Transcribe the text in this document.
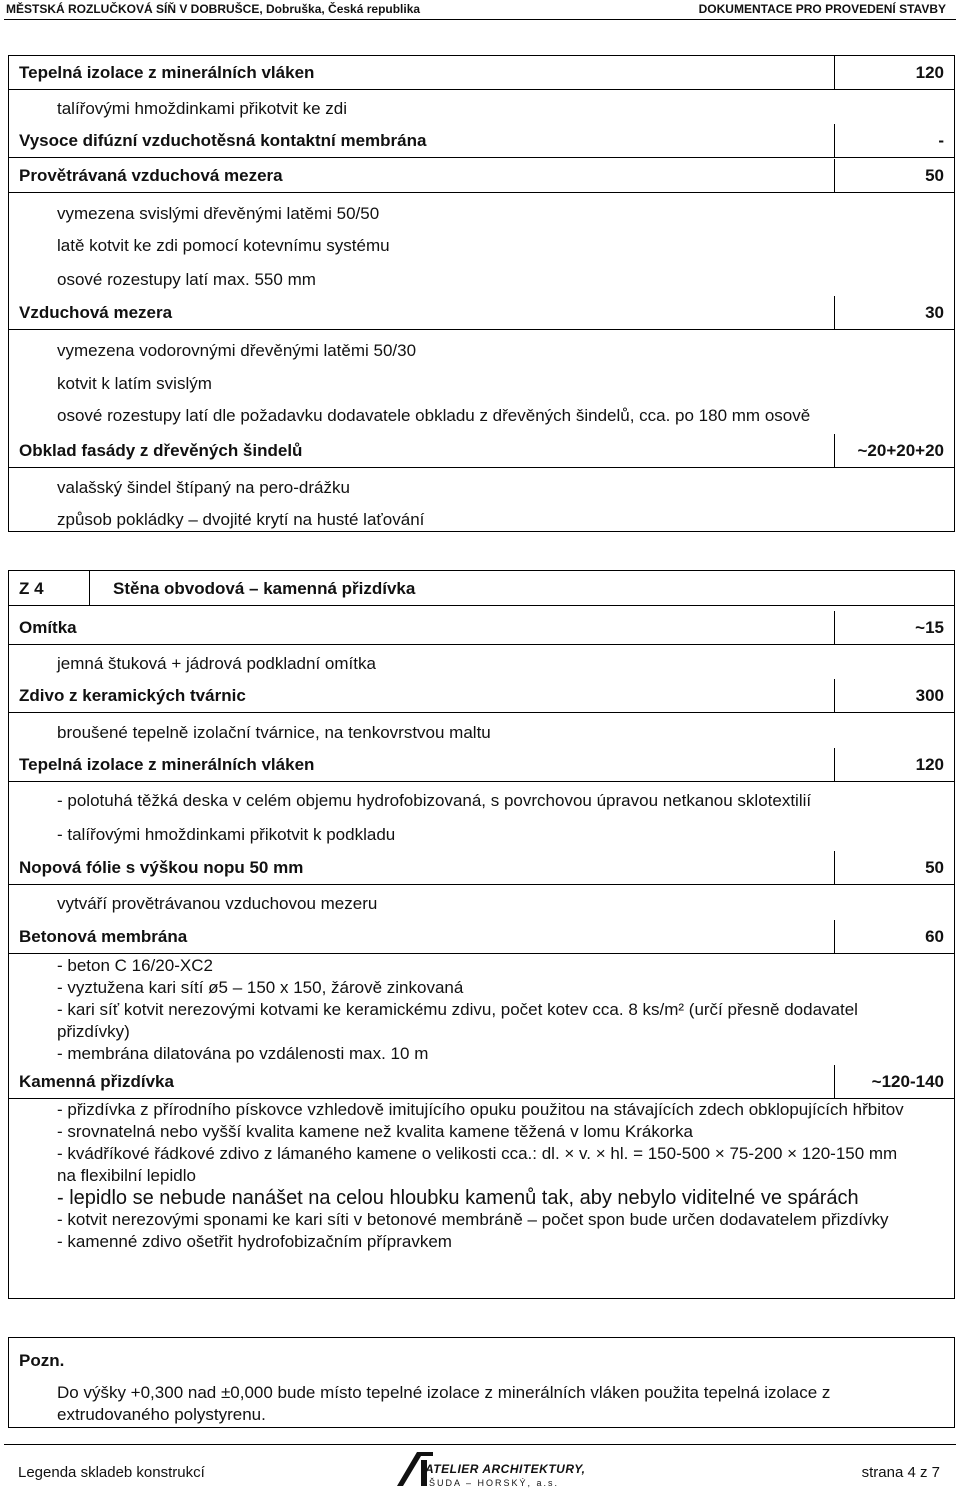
MĚSTSKÁ ROZLUČKOVÁ SÍŇ V DOBRUŠCE, Dobruška, Česká republika	DOKUMENTACE PRO PROVEDENÍ STAVBY
Tepelná izolace z minerálních vláken	120
talířovými hmoždinkami přikotvit ke zdi
Vysoce difúzní vzduchotěsná kontaktní membrána	-
Provětrávaná vzduchová mezera	50
vymezena svislými dřevěnými latěmi 50/50
latě kotvit ke zdi pomocí kotevnímu systému
osové rozestupy latí max. 550 mm
Vzduchová mezera	30
vymezena vodorovnými dřevěnými latěmi 50/30
kotvit k latím svislým
osové rozestupy latí dle požadavku dodavatele obkladu z dřevěných šindelů, cca. po 180 mm osově
Obklad fasády z dřevěných šindelů	~20+20+20
valašský šindel štípaný na pero-drážku
způsob pokládky – dvojité krytí na husté laťování
Z 4	Stěna obvodová – kamenná přizdívka
Omítka	~15
jemná štuková + jádrová podkladní omítka
Zdivo z keramických tvárnic	300
broušené tepelně izolační tvárnice, na tenkovrstvou maltu
Tepelná izolace z minerálních vláken	120
- polotuhá těžká deska v celém objemu hydrofobizovaná, s povrchovou úpravou netkanou sklotextilií
- talířovými hmoždinkami přikotvit k podkladu
Nopová fólie s výškou nopu 50 mm	50
vytváří provětrávanou vzduchovou mezeru
Betonová membrána	60
- beton C 16/20-XC2
- vyztužena kari sítí ø5 – 150 x 150, žárově zinkovaná
- kari síť kotvit nerezovými kotvami ke keramickému zdivu, počet kotev cca. 8 ks/m² (určí přesně dodavatel přizdívky)
- membrána dilatována po vzdálenosti max. 10 m
Kamenná přizdívka	~120-140
- přizdívka z přírodního pískovce vzhledově imitujícího opuku použitou na stávajících zdech obklopujících hřbitov
- srovnatelná nebo vyšší kvalita kamene než kvalita kamene těžená v lomu Krákorka
- kvádříkové řádkové zdivo z lámaného kamene o velikosti cca.: dl. × v. × hl. = 150-500 × 75-200 × 120-150 mm na flexibilní lepidlo
- lepidlo se nebude nanášet na celou hloubku kamenů tak, aby nebylo viditelné ve spárách
- kotvit nerezovými sponami ke kari síti v betonové membráně – počet spon bude určen dodavatelem přizdívky
- kamenné zdivo ošetřit hydrofobizačním přípravkem
Pozn.
Do výšky +0,300 nad ±0,000 bude místo tepelné izolace z minerálních vláken použita tepelná izolace z extrudovaného polystyrenu.
Legenda skladeb konstrukcí	ATELIER ARCHITEKTURY,
ŠUDA – HORSKÝ, a.s.
strana 4 z 7
